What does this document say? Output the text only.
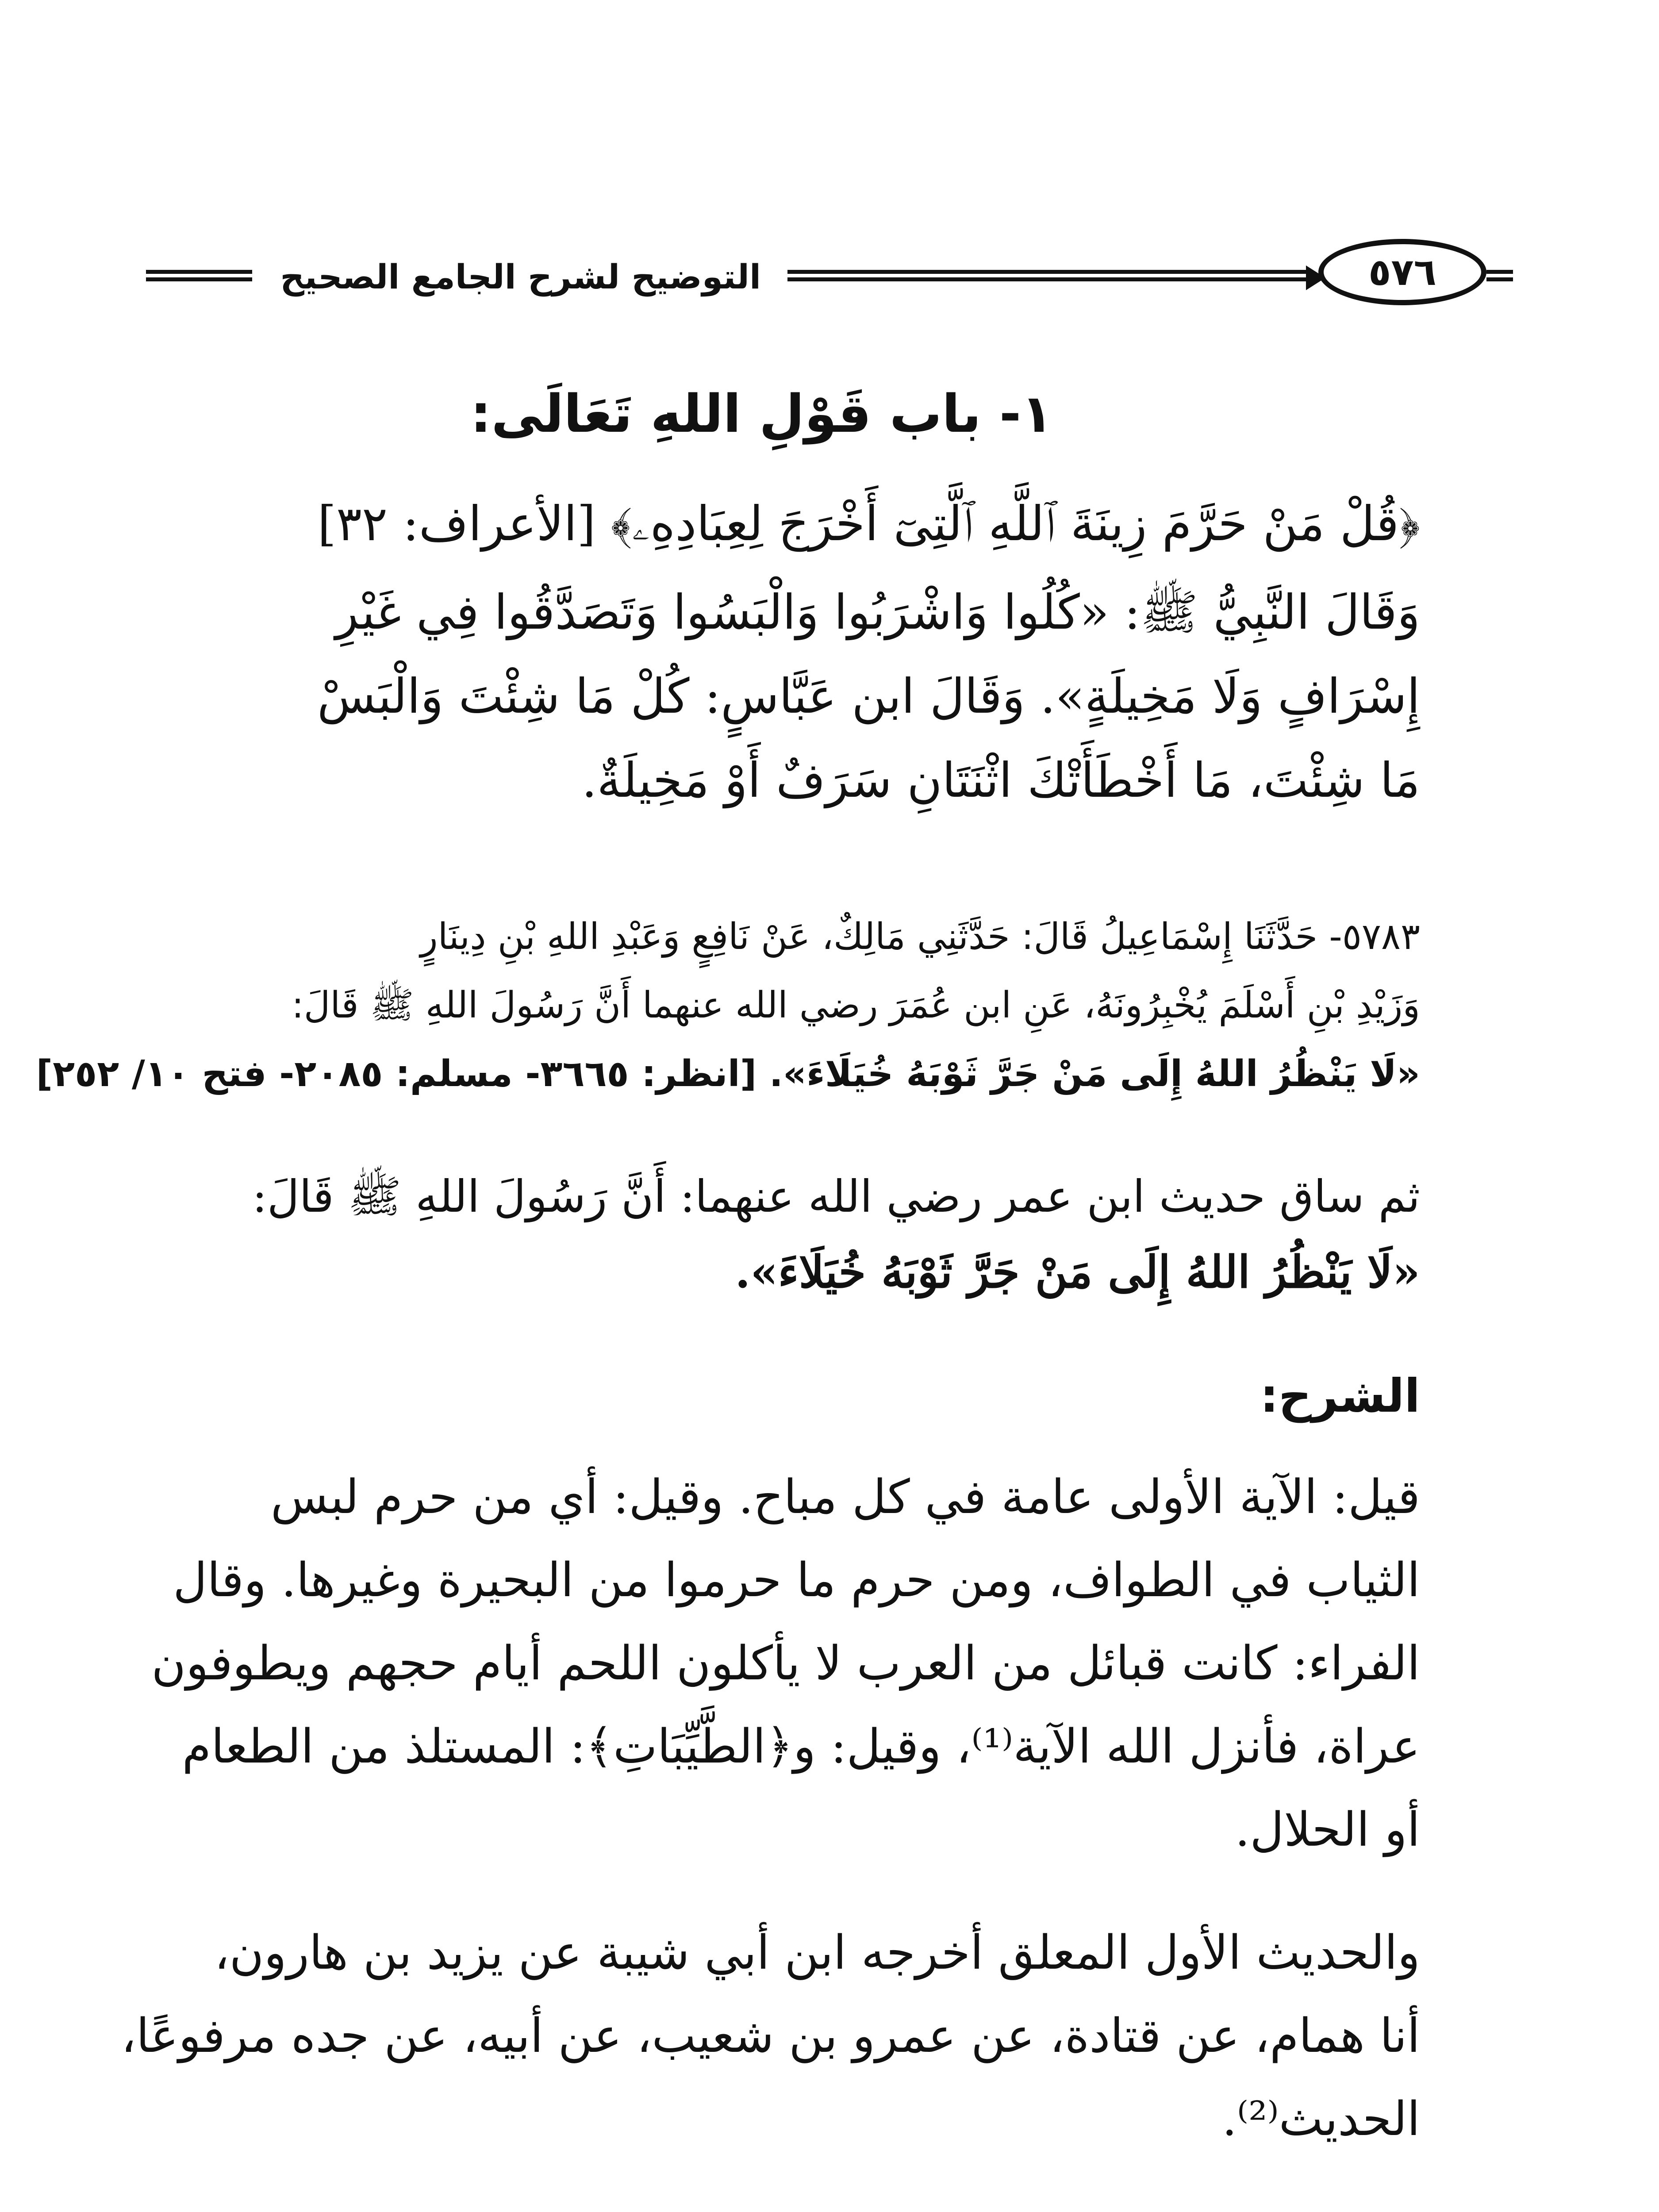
٥٧٦
التوضيح لشرح الجامع الصحيح
١- باب قَوْلِ اللهِ تَعَالَى:
﴿قُلْ مَنْ حَرَّمَ زِينَةَ ٱللَّهِ ٱلَّتِىٓ أَخْرَجَ لِعِبَادِهِۦ﴾ [الأعراف: ٣٢]
وَقَالَ النَّبِيُّ ﷺ: «كُلُوا وَاشْرَبُوا وَالْبَسُوا وَتَصَدَّقُوا فِي غَيْرِ
إِسْرَافٍ وَلَا مَخِيلَةٍ». وَقَالَ ابن عَبَّاسٍ: كُلْ مَا شِئْتَ وَالْبَسْ
مَا شِئْتَ، مَا أَخْطَأَتْكَ اثْنَتَانِ سَرَفٌ أَوْ مَخِيلَةٌ.
٥٧٨٣- حَدَّثَنَا إِسْمَاعِيلُ قَالَ: حَدَّثَنِي مَالِكٌ، عَنْ نَافِعٍ وَعَبْدِ اللهِ بْنِ دِينَارٍ
وَزَيْدِ بْنِ أَسْلَمَ يُخْبِرُونَهُ، عَنِ ابن عُمَرَ رضي الله عنهما أَنَّ رَسُولَ اللهِ ﷺ قَالَ:
«لَا يَنْظُرُ اللهُ إِلَى مَنْ جَرَّ ثَوْبَهُ خُيَلَاءَ». [انظر: ٣٦٦٥- مسلم: ٢٠٨٥- فتح ١٠/ ٢٥٢]
ثم ساق حديث ابن عمر رضي الله عنهما: أَنَّ رَسُولَ اللهِ ﷺ قَالَ:
«لَا يَنْظُرُ اللهُ إِلَى مَنْ جَرَّ ثَوْبَهُ خُيَلَاءَ».
الشرح:
قيل: الآية الأولى عامة في كل مباح. وقيل: أي من حرم لبس
الثياب في الطواف، ومن حرم ما حرموا من البحيرة وغيرها. وقال
الفراء: كانت قبائل من العرب لا يأكلون اللحم أيام حجهم ويطوفون
عراة، فأنزل الله الآية⁽¹⁾، وقيل: و﴿الطَّيِّبَاتِ﴾: المستلذ من الطعام
أو الحلال.
والحديث الأول المعلق أخرجه ابن أبي شيبة عن يزيد بن هارون،
أنا همام، عن قتادة، عن عمرو بن شعيب، عن أبيه، عن جده مرفوعًا،
الحديث⁽²⁾.
